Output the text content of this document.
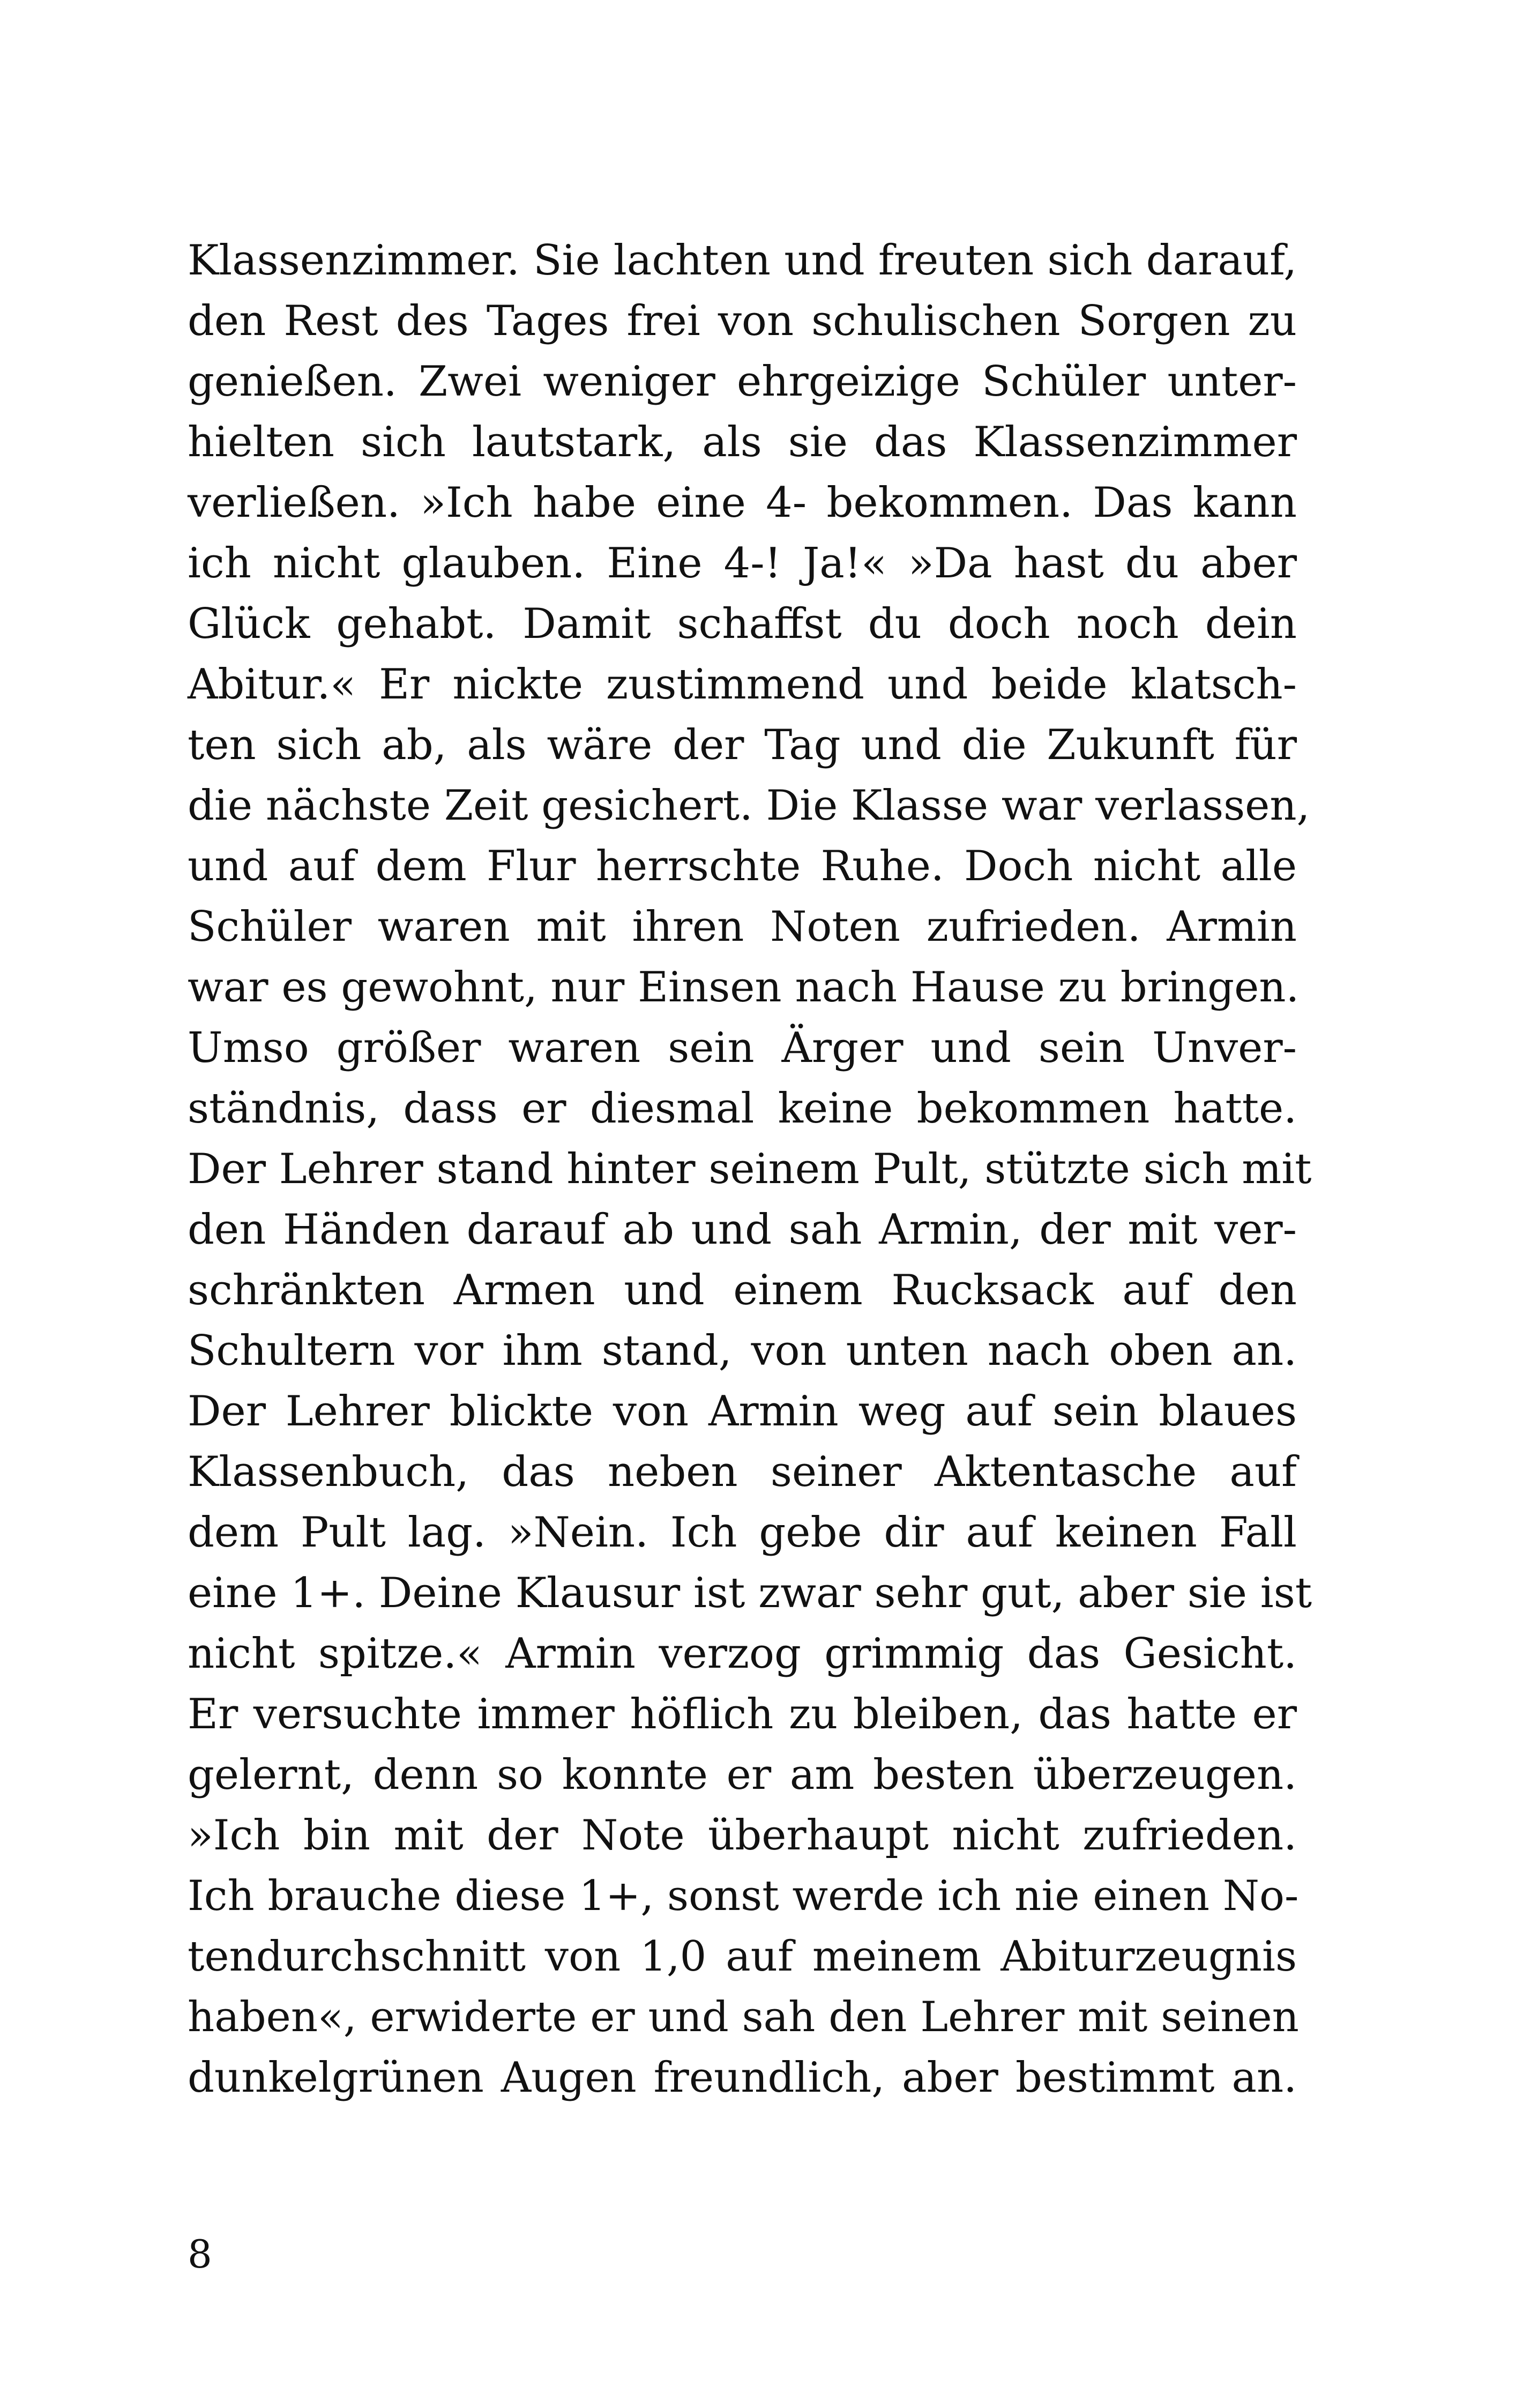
Klassenzimmer. Sie lachten und freuten sich darauf,
den Rest des Tages frei von schulischen Sorgen zu
genießen. Zwei weniger ehrgeizige Schüler unter-
hielten sich lautstark, als sie das Klassenzimmer
verließen. »Ich habe eine 4- bekommen. Das kann
ich nicht glauben. Eine 4-! Ja!« »Da hast du aber
Glück gehabt. Damit schaffst du doch noch dein
Abitur.« Er nickte zustimmend und beide klatsch-
ten sich ab, als wäre der Tag und die Zukunft für
die nächste Zeit gesichert. Die Klasse war verlassen,
und auf dem Flur herrschte Ruhe. Doch nicht alle
Schüler waren mit ihren Noten zufrieden. Armin
war es gewohnt, nur Einsen nach Hause zu bringen.
Umso größer waren sein Ärger und sein Unver-
ständnis, dass er diesmal keine bekommen hatte.
Der Lehrer stand hinter seinem Pult, stützte sich mit
den Händen darauf ab und sah Armin, der mit ver-
schränkten Armen und einem Rucksack auf den
Schultern vor ihm stand, von unten nach oben an.
Der Lehrer blickte von Armin weg auf sein blaues
Klassenbuch, das neben seiner Aktentasche auf
dem Pult lag. »Nein. Ich gebe dir auf keinen Fall
eine 1+. Deine Klausur ist zwar sehr gut, aber sie ist
nicht spitze.« Armin verzog grimmig das Gesicht.
Er versuchte immer höflich zu bleiben, das hatte er
gelernt, denn so konnte er am besten überzeugen.
»Ich bin mit der Note überhaupt nicht zufrieden.
Ich brauche diese 1+, sonst werde ich nie einen No-
tendurchschnitt von 1,0 auf meinem Abiturzeugnis
haben«, erwiderte er und sah den Lehrer mit seinen
dunkelgrünen Augen freundlich, aber bestimmt an.
8
